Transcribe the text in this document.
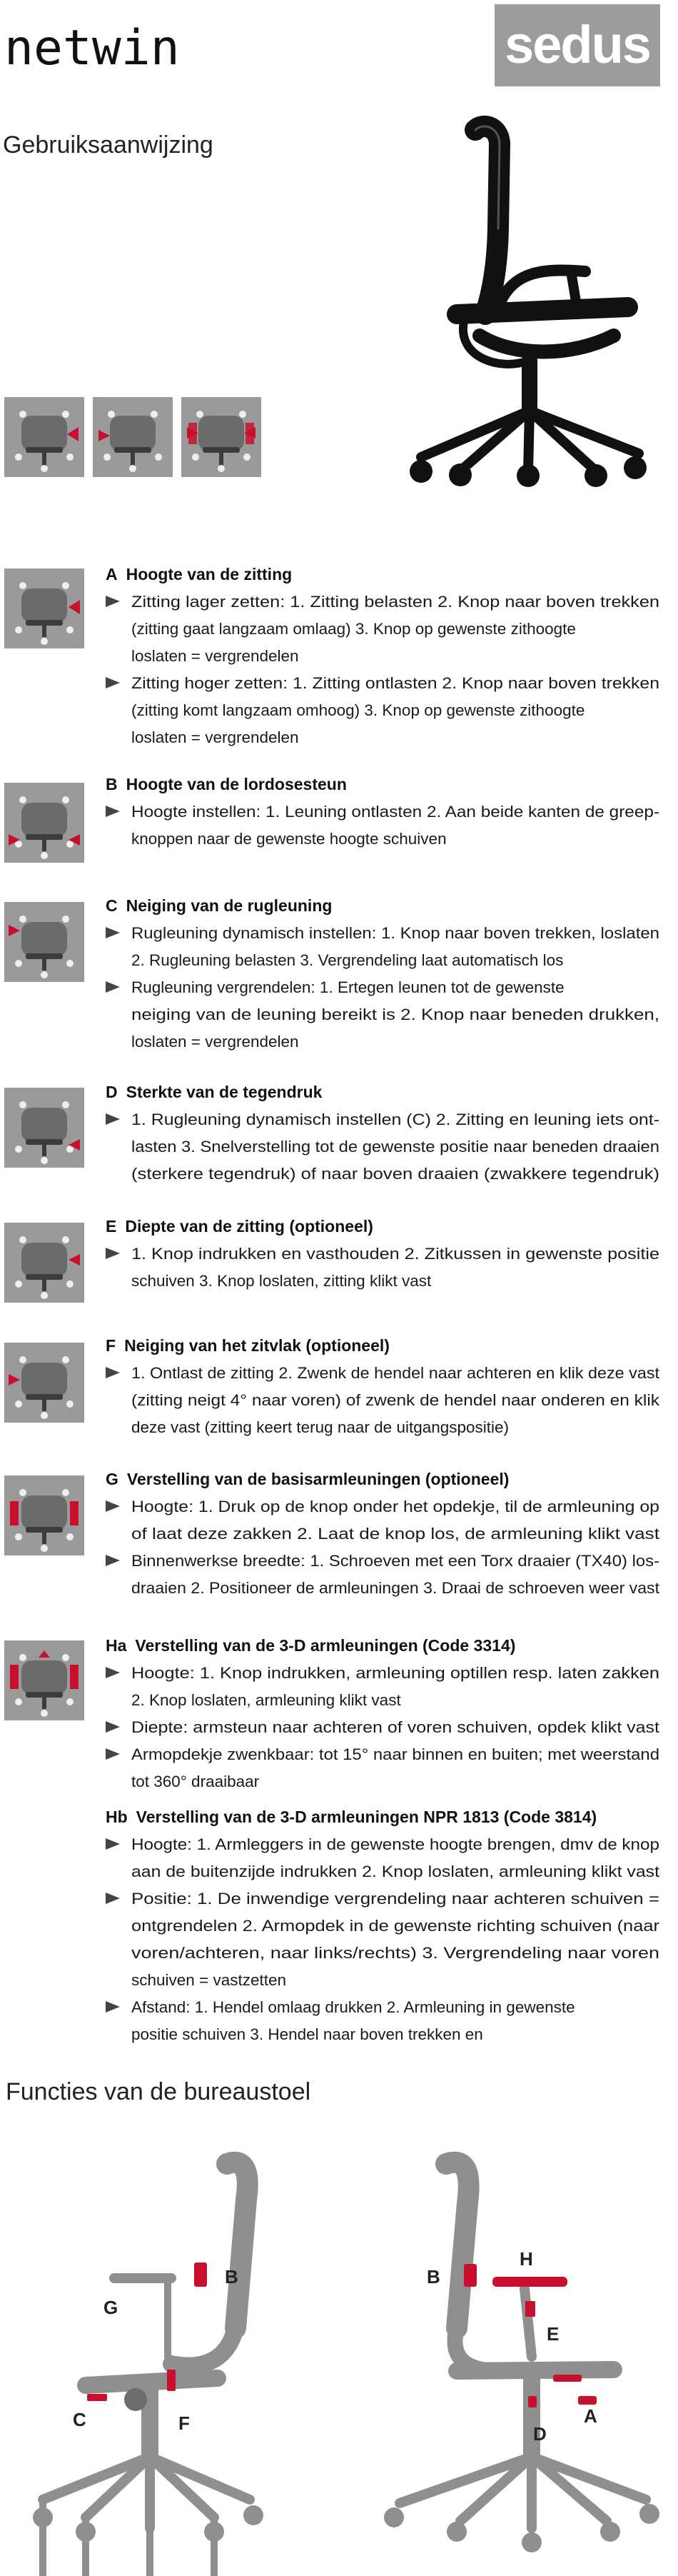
netwin	sedus
Gebruiksaanwijzing
A Hoogte van de zitting
Zitting lager zetten: 1. Zitting belasten 2. Knop naar boven trekken
(zitting gaat langzaam omlaag) 3. Knop op gewenste zithoogte
loslaten = vergrendelen
Zitting hoger zetten: 1. Zitting ontlasten 2. Knop naar boven trekken
(zitting komt langzaam omhoog) 3. Knop op gewenste zithoogte
loslaten = vergrendelen
B Hoogte van de lordosesteun
Hoogte instellen: 1. Leuning ontlasten 2. Aan beide kanten de greep-
knoppen naar de gewenste hoogte schuiven
C Neiging van de rugleuning
Rugleuning dynamisch instellen: 1. Knop naar boven trekken, loslaten
2. Rugleuning belasten 3. Vergrendeling laat automatisch los
Rugleuning vergrendelen: 1. Ertegen leunen tot de gewenste
neiging van de leuning bereikt is 2. Knop naar beneden drukken,
loslaten = vergrendelen
D Sterkte van de tegendruk
1. Rugleuning dynamisch instellen (C) 2. Zitting en leuning iets ont-
lasten 3. Snelverstelling tot de gewenste positie naar beneden draaien
(sterkere tegendruk) of naar boven draaien (zwakkere tegendruk)
E Diepte van de zitting (optioneel)
1. Knop indrukken en vasthouden 2. Zitkussen in gewenste positie
schuiven 3. Knop loslaten, zitting klikt vast
F Neiging van het zitvlak (optioneel)
1. Ontlast de zitting 2. Zwenk de hendel naar achteren en klik deze vast
(zitting neigt 4° naar voren) of zwenk de hendel naar onderen en klik
deze vast (zitting keert terug naar de uitgangspositie)
G Verstelling van de basisarmleuningen (optioneel)
Hoogte: 1. Druk op de knop onder het opdekje, til de armleuning op
of laat deze zakken 2. Laat de knop los, de armleuning klikt vast
Binnenwerkse breedte: 1. Schroeven met een Torx draaier (TX40) los-
draaien 2. Positioneer de armleuningen 3. Draai de schroeven weer vast
Ha Verstelling van de 3-D armleuningen (Code 3314)
Hoogte: 1. Knop indrukken, armleuning optillen resp. laten zakken
2. Knop loslaten, armleuning klikt vast
Diepte: armsteun naar achteren of voren schuiven, opdek klikt vast
Armopdekje zwenkbaar: tot 15° naar binnen en buiten; met weerstand
tot 360° draaibaar
Hb Verstelling van de 3-D armleuningen NPR 1813 (Code 3814)
Hoogte: 1. Armleggers in de gewenste hoogte brengen, dmv de knop
aan de buitenzijde indrukken 2. Knop loslaten, armleuning klikt vast
Positie: 1. De inwendige vergrendeling naar achteren schuiven =
ontgrendelen 2. Armopdek in de gewenste richting schuiven (naar
voren/achteren, naar links/rechts) 3. Vergrendeling naar voren
schuiven = vastzetten
Afstand: 1. Hendel omlaag drukken 2. Armleuning in gewenste
positie schuiven 3. Hendel naar boven trekken en
Functies van de bureaustoel
B
G
C	F
B
H
E
D
A
